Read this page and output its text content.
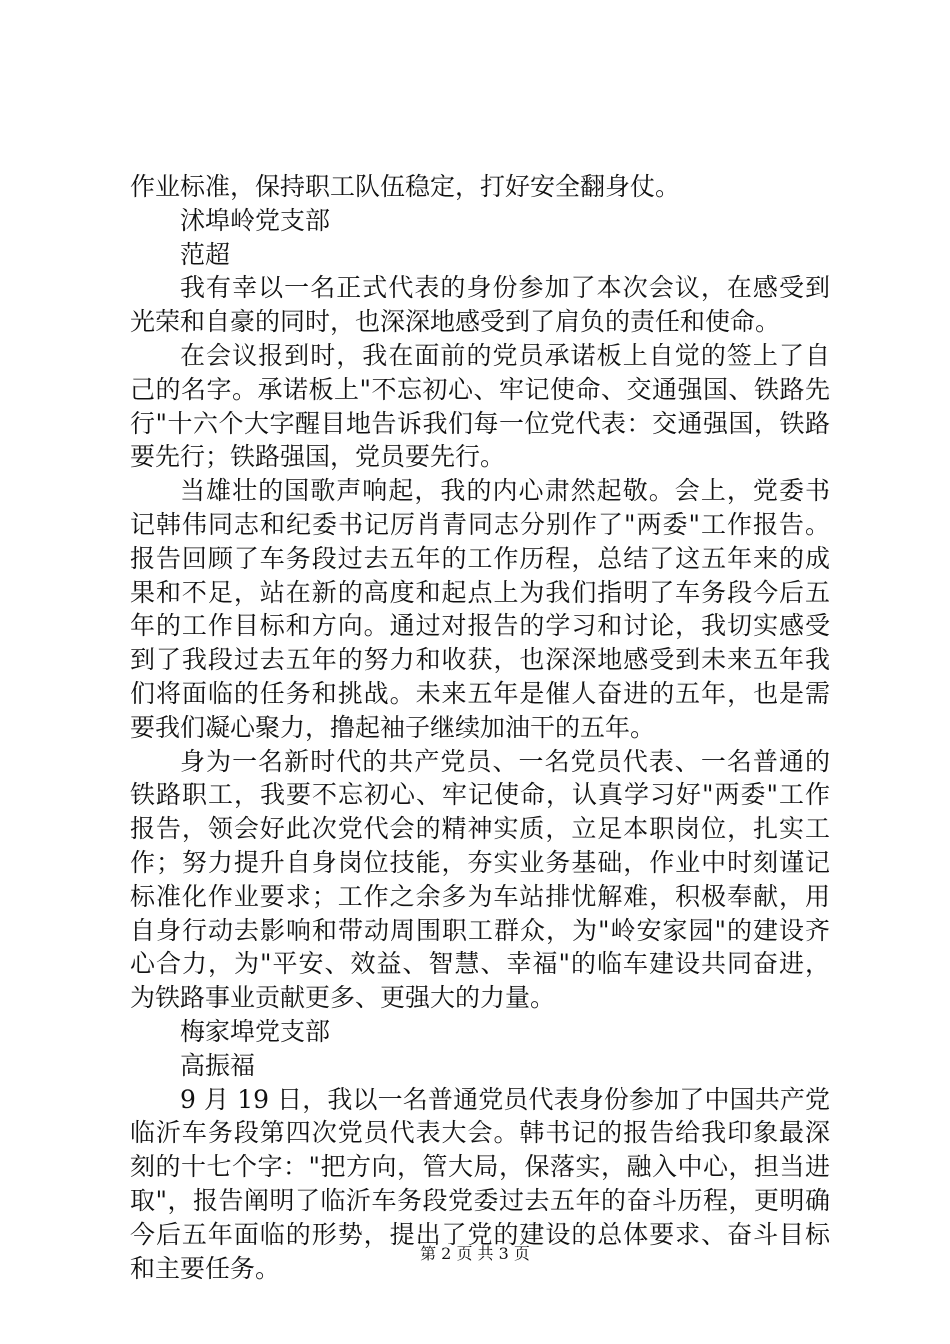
作业标准，保持职工队伍稳定，打好安全翻身仗。
沭埠岭党支部
范超
我有幸以一名正式代表的身份参加了本次会议，在感受到
光荣和自豪的同时，也深深地感受到了肩负的责任和使命。
在会议报到时，我在面前的党员承诺板上自觉的签上了自
己的名字。承诺板上"不忘初心、牢记使命、交通强国、铁路先
行"十六个大字醒目地告诉我们每一位党代表：交通强国，铁路
要先行；铁路强国，党员要先行。
当雄壮的国歌声响起，我的内心肃然起敬。会上，党委书
记韩伟同志和纪委书记厉肖青同志分别作了"两委"工作报告。
报告回顾了车务段过去五年的工作历程，总结了这五年来的成
果和不足，站在新的高度和起点上为我们指明了车务段今后五
年的工作目标和方向。通过对报告的学习和讨论，我切实感受
到了我段过去五年的努力和收获，也深深地感受到未来五年我
们将面临的任务和挑战。未来五年是催人奋进的五年，也是需
要我们凝心聚力，撸起袖子继续加油干的五年。
身为一名新时代的共产党员、一名党员代表、一名普通的
铁路职工，我要不忘初心、牢记使命，认真学习好"两委"工作
报告，领会好此次党代会的精神实质，立足本职岗位，扎实工
作；努力提升自身岗位技能，夯实业务基础，作业中时刻谨记
标准化作业要求；工作之余多为车站排忧解难，积极奉献，用
自身行动去影响和带动周围职工群众，为"岭安家园"的建设齐
心合力，为"平安、效益、智慧、幸福"的临车建设共同奋进，
为铁路事业贡献更多、更强大的力量。
梅家埠党支部
高振福
9 月 19 日，我以一名普通党员代表身份参加了中国共产党
临沂车务段第四次党员代表大会。韩书记的报告给我印象最深
刻的十七个字："把方向，管大局，保落实，融入中心，担当进
取"，报告阐明了临沂车务段党委过去五年的奋斗历程，更明确
今后五年面临的形势，提出了党的建设的总体要求、奋斗目标
和主要任务。	第 2 页 共 3 页
